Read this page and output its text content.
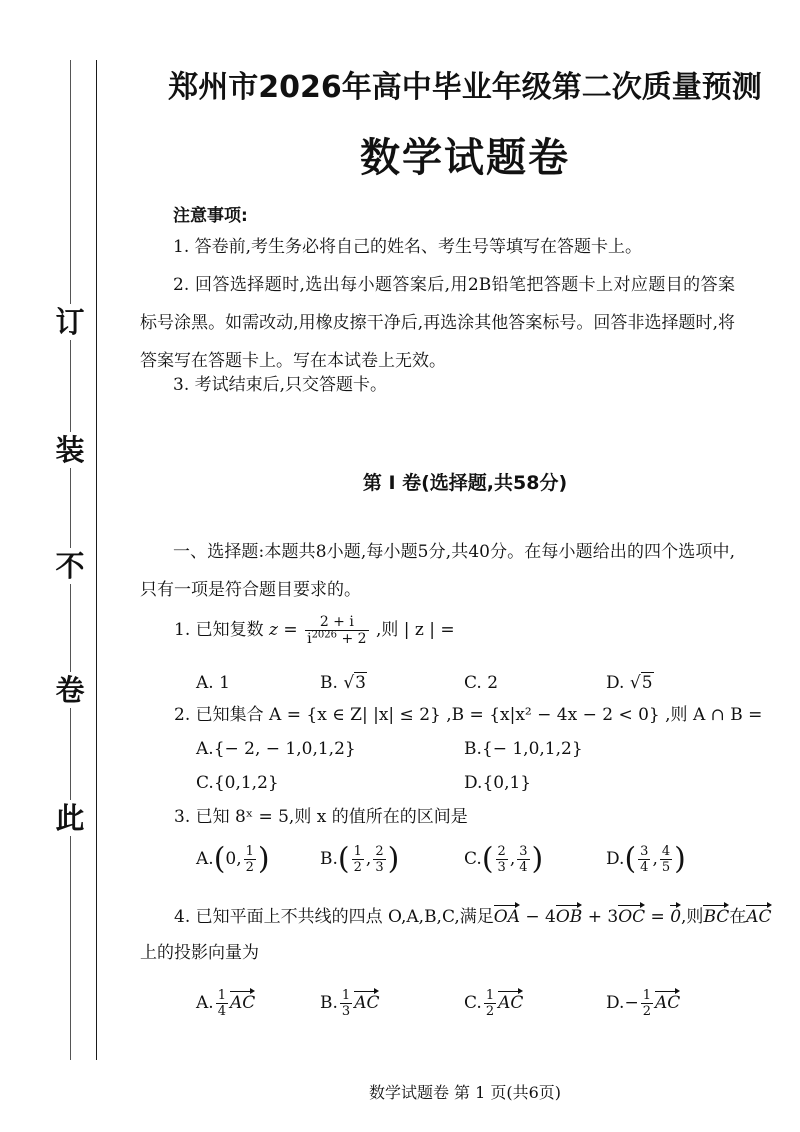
此
卷
不
装
订
郑州市2026年高中毕业年级第二次质量预测
数学试题卷
注意事项:
1. 答卷前,考生务必将自己的姓名、考生号等填写在答题卡上。
2. 回答选择题时,选出每小题答案后,用2B铅笔把答题卡上对应题目的答案标号涂黑。如需改动,用橡皮擦干净后,再选涂其他答案标号。回答非选择题时,将答案写在答题卡上。写在本试卷上无效。
3. 考试结束后,只交答题卡。
第 Ⅰ 卷(选择题,共58分)
一、选择题:本题共8小题,每小题5分,共40分。在每小题给出的四个选项中,只有一项是符合题目要求的。
1. 已知复数 $z = \frac{2 + i}{i^{2026} + 2}$ ,则 | z | =
A. 1	B. √3	C. 2	D. √5
2. 已知集合 A = {x ∈ Z| |x| ≤ 2} ,B = {x|x² − 4x − 2 < 0} ,则 A ∩ B =
A.{− 2, − 1,0,1,2}	B.{− 1,0,1,2}
C.{0,1,2}	D.{0,1}
3. 已知 8ˣ = 5,则 x 的值所在的区间是
A.(0, $\frac{1}{2}$ )	$B.( \frac{1}{2}$ , $\frac{2}{3}$ )	$C.( \frac{2}{3}$ , $\frac{3}{4}$ )	$D.( \frac{3}{4}$ , $\frac{4}{5}$ )
4. 已知平面上不共线的四点 O,A,B,C,满足OA − 4OB + 3OC = 0,则BC在AC
上的投影向量为
A. $\frac{1}{4}$ AC	B. $\frac{1}{3}$ AC	C. $\frac{1}{2}$ AC	$D.- \frac{1}{2}$ AC
数学试题卷 第 1 页(共6页)
